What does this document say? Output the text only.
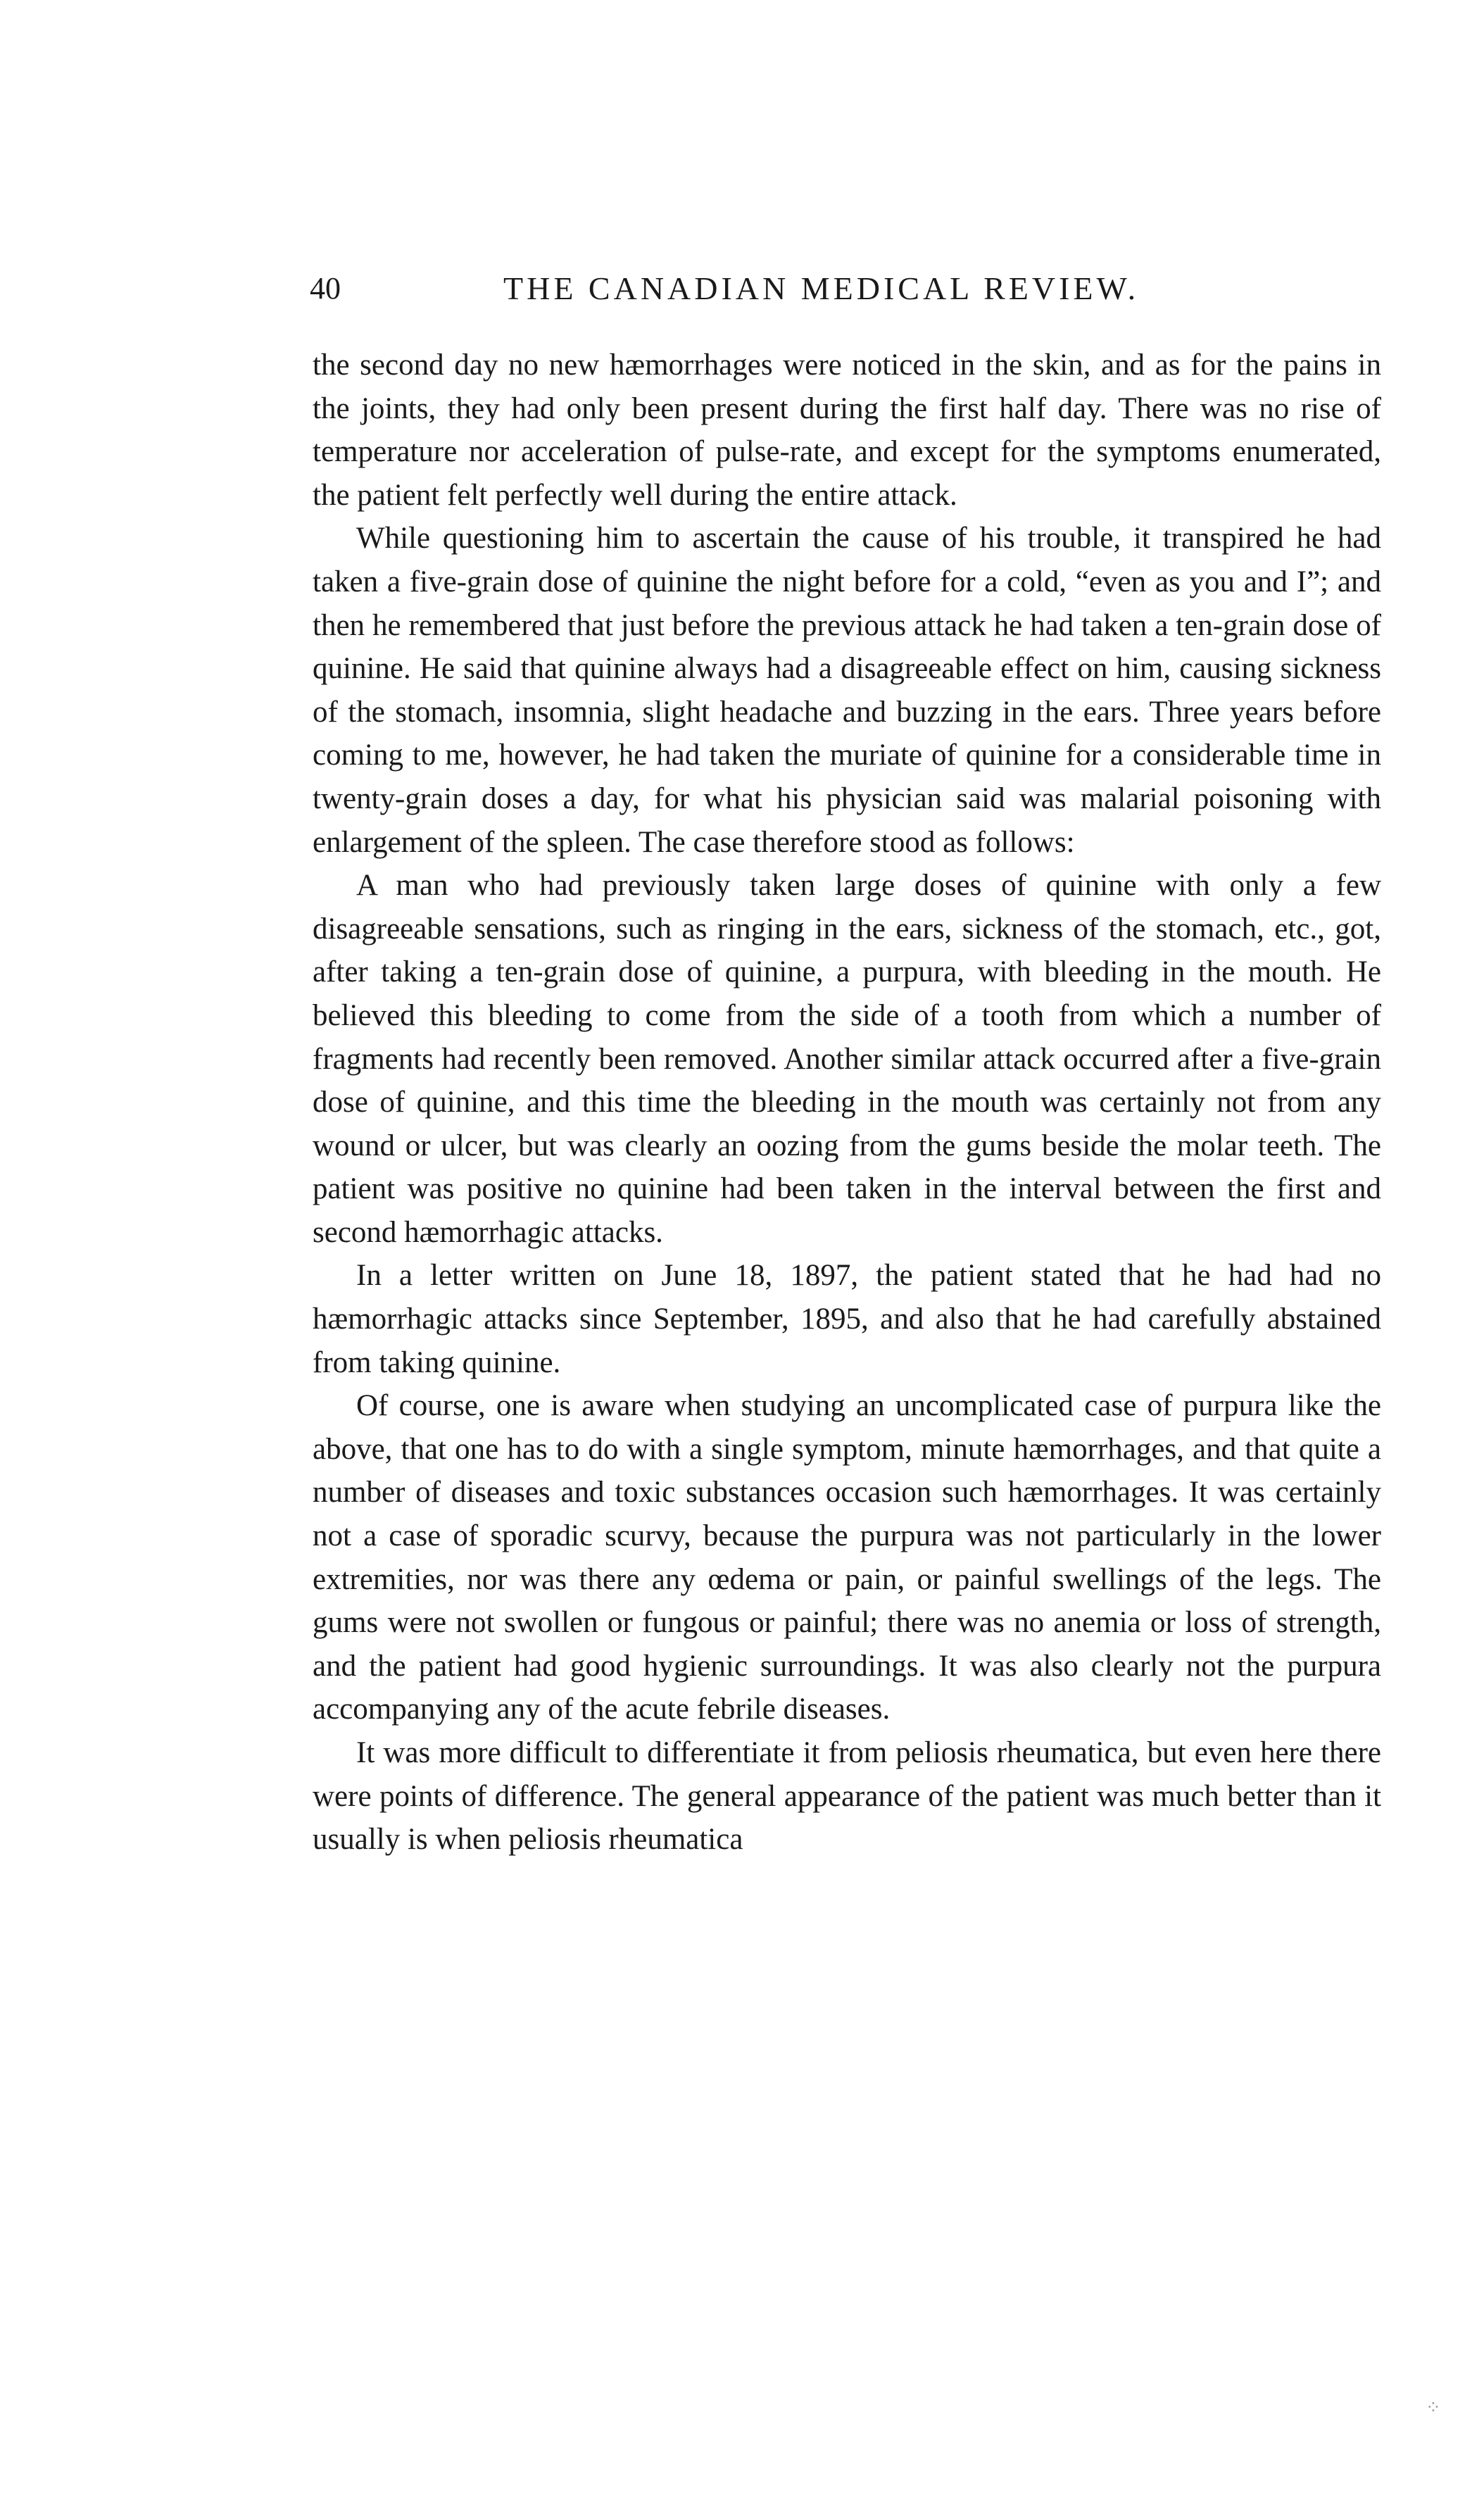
40	THE CANADIAN MEDICAL REVIEW.

the second day no new hæmorrhages were noticed in the skin, and as for the pains in the joints, they had only been present during the first half day. There was no rise of temperature nor acceleration of pulse-rate, and except for the symptoms enumerated, the patient felt perfectly well during the entire attack.

While questioning him to ascertain the cause of his trouble, it transpired he had taken a five-grain dose of quinine the night before for a cold, “even as you and I”; and then he remembered that just before the previous attack he had taken a ten-grain dose of quinine. He said that quinine always had a disagreeable effect on him, causing sickness of the stomach, insomnia, slight headache and buzzing in the ears. Three years before coming to me, however, he had taken the muriate of quinine for a considerable time in twenty-grain doses a day, for what his physician said was malarial poisoning with enlargement of the spleen. The case therefore stood as follows:

A man who had previously taken large doses of quinine with only a few disagreeable sensations, such as ringing in the ears, sickness of the stomach, etc., got, after taking a ten-grain dose of quinine, a purpura, with bleeding in the mouth. He believed this bleeding to come from the side of a tooth from which a number of fragments had recently been removed. Another similar attack occurred after a five-grain dose of quinine, and this time the bleeding in the mouth was certainly not from any wound or ulcer, but was clearly an oozing from the gums beside the molar teeth. The patient was positive no quinine had been taken in the interval between the first and second hæmorrhagic attacks.

In a letter written on June 18, 1897, the patient stated that he had had no hæmorrhagic attacks since September, 1895, and also that he had carefully abstained from taking quinine.

Of course, one is aware when studying an uncomplicated case of purpura like the above, that one has to do with a single symptom, minute hæmorrhages, and that quite a number of diseases and toxic substances occasion such hæmorrhages. It was certainly not a case of sporadic scurvy, because the purpura was not particularly in the lower extremities, nor was there any œdema or pain, or painful swellings of the legs. The gums were not swollen or fungous or painful; there was no anemia or loss of strength, and the patient had good hygienic surroundings. It was also clearly not the purpura accompanying any of the acute febrile diseases.

It was more difficult to differentiate it from peliosis rheumatica, but even here there were points of difference. The general appearance of the patient was much better than it usually is when peliosis rheumatica

⁘
